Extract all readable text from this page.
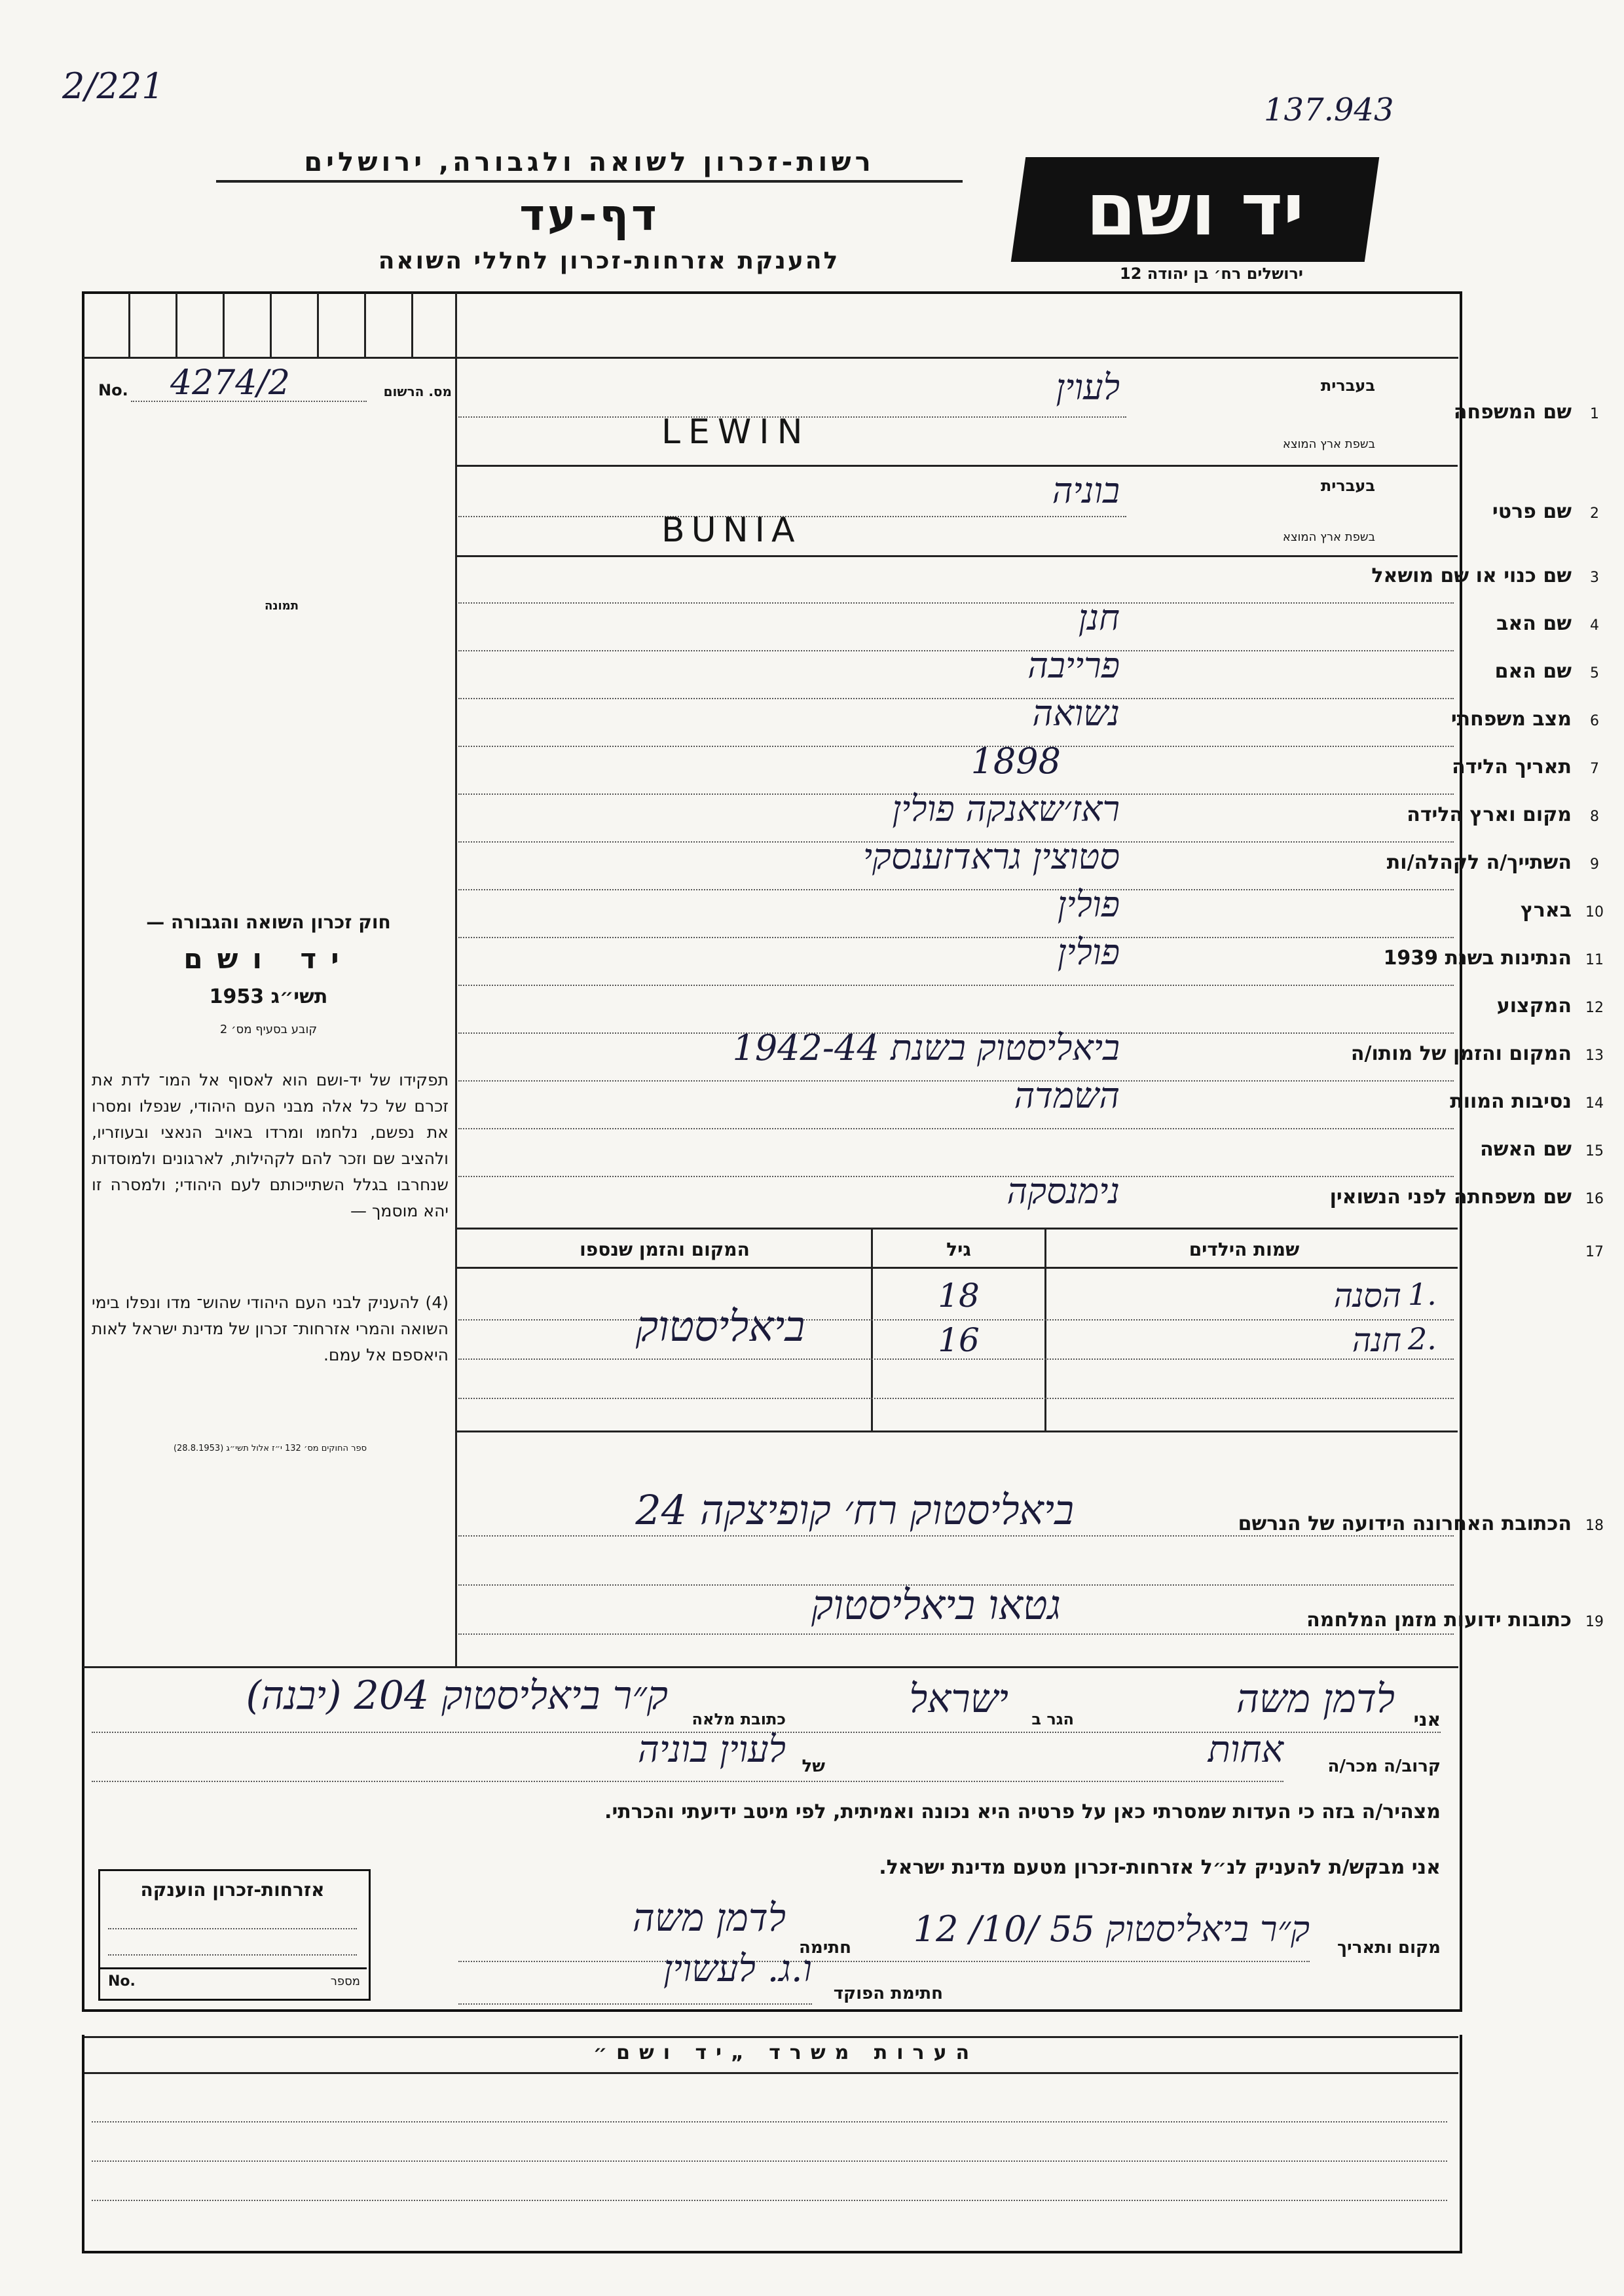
2/221
137.943
רשות-זכרון לשואה ולגבורה, ירושלים
דף-עד
להענקת אזרחות-זכרון לחללי השואה
יד ושם
ירושלים רח׳ בן יהודה 12
No. 4274/2	מס. הרשום
תמונה
חוק זכרון השואה והגבורה —
יד ושם
תשי״ג 1953
קובע בסעיף מס׳ 2
תפקידו של יד-ושם הוא לאסוף אל המו־ לדת את זכרם של כל אלה מבני העם היהודי, שנפלו ומסרו את נפשם, נלחמו ומרדו באויב הנאצי ובעוזריו, ולהציב שם וזכר להם לקהילות, לארגונים ולמוסדות שנחרבו בגלל השתייכותם לעם היהודי; ולמסרה זו יהא מוסמך —
(4) להעניק לבני העם היהודי שהוש־ מדו ונפלו בימי השואה והמרי אזרחות־ זכרון של מדינת ישראל לאות היאספם אל עמם.
ספר החוקים מס׳ 132 י״ז אלול תשי״ג (28.8.1953)
1
שם המשפחה
בעברית
בשפת ארץ המוצא
לעוין
LEWIN
2
שם פרטי
בעברית
בשפת ארץ המוצא
בוניה
BUNIA
3
שם כנוי או שם מושאל
4
שם האב
חנן
5
שם האם
פרייבה
6
מצב משפחתי
נשואה
7
תאריך הלידה
1898
8
מקום וארץ הלידה
ראז׳שאנקה פולין
9
השתייך/ה לקהלה/ות
סטוצין גראדזענסקי
10
בארץ
פולין
11
הנתינות בשנת 1939
פולין
12
המקצוע
13
המקום והזמן של מותו/ה
ביאליסטוק בשנת 1942-44
14
נסיבות המוות
השמדה
15
שם האשה
16
שם משפחתה לפני הנשואין
נימנסקה
17
שמות הילדים
גיל
המקום והזמן שנספו
הסנה 1.
18
חנה 2.
16
ביאליסטוק
18
הכתובת האחרונה הידועה של הנרשם
ביאליסטוק רח׳ קופיצקה 24
19
כתובות ידועות מזמן המלחמה
גטאו ביאליסטוק
אני
לדמן משה
הגר ב
ישראל
כתובת מלאה
ק״ר ביאליסטוק 204 (יבנה)
קרוב/ה מכר/ה
אחות
של
לעוין בוניה
מצהיר/ה בזה כי העדות שמסרתי כאן על פרטיה היא נכונה ואמיתית, לפי מיטב ידיעתי והכרתי.
אני מבקש/ת להעניק לנ״ל אזרחות-זכרון מטעם מדינת ישראל.
מקום ותאריך
ק״ר ביאליסטוק 55 /10/ 12
חתימה
לדמן משה
חתימת הפוקד
ו.ג. לעשוין
אזרחות-זכרון הוענקה
No.	מספר
הערות משרד „יד ושם״
